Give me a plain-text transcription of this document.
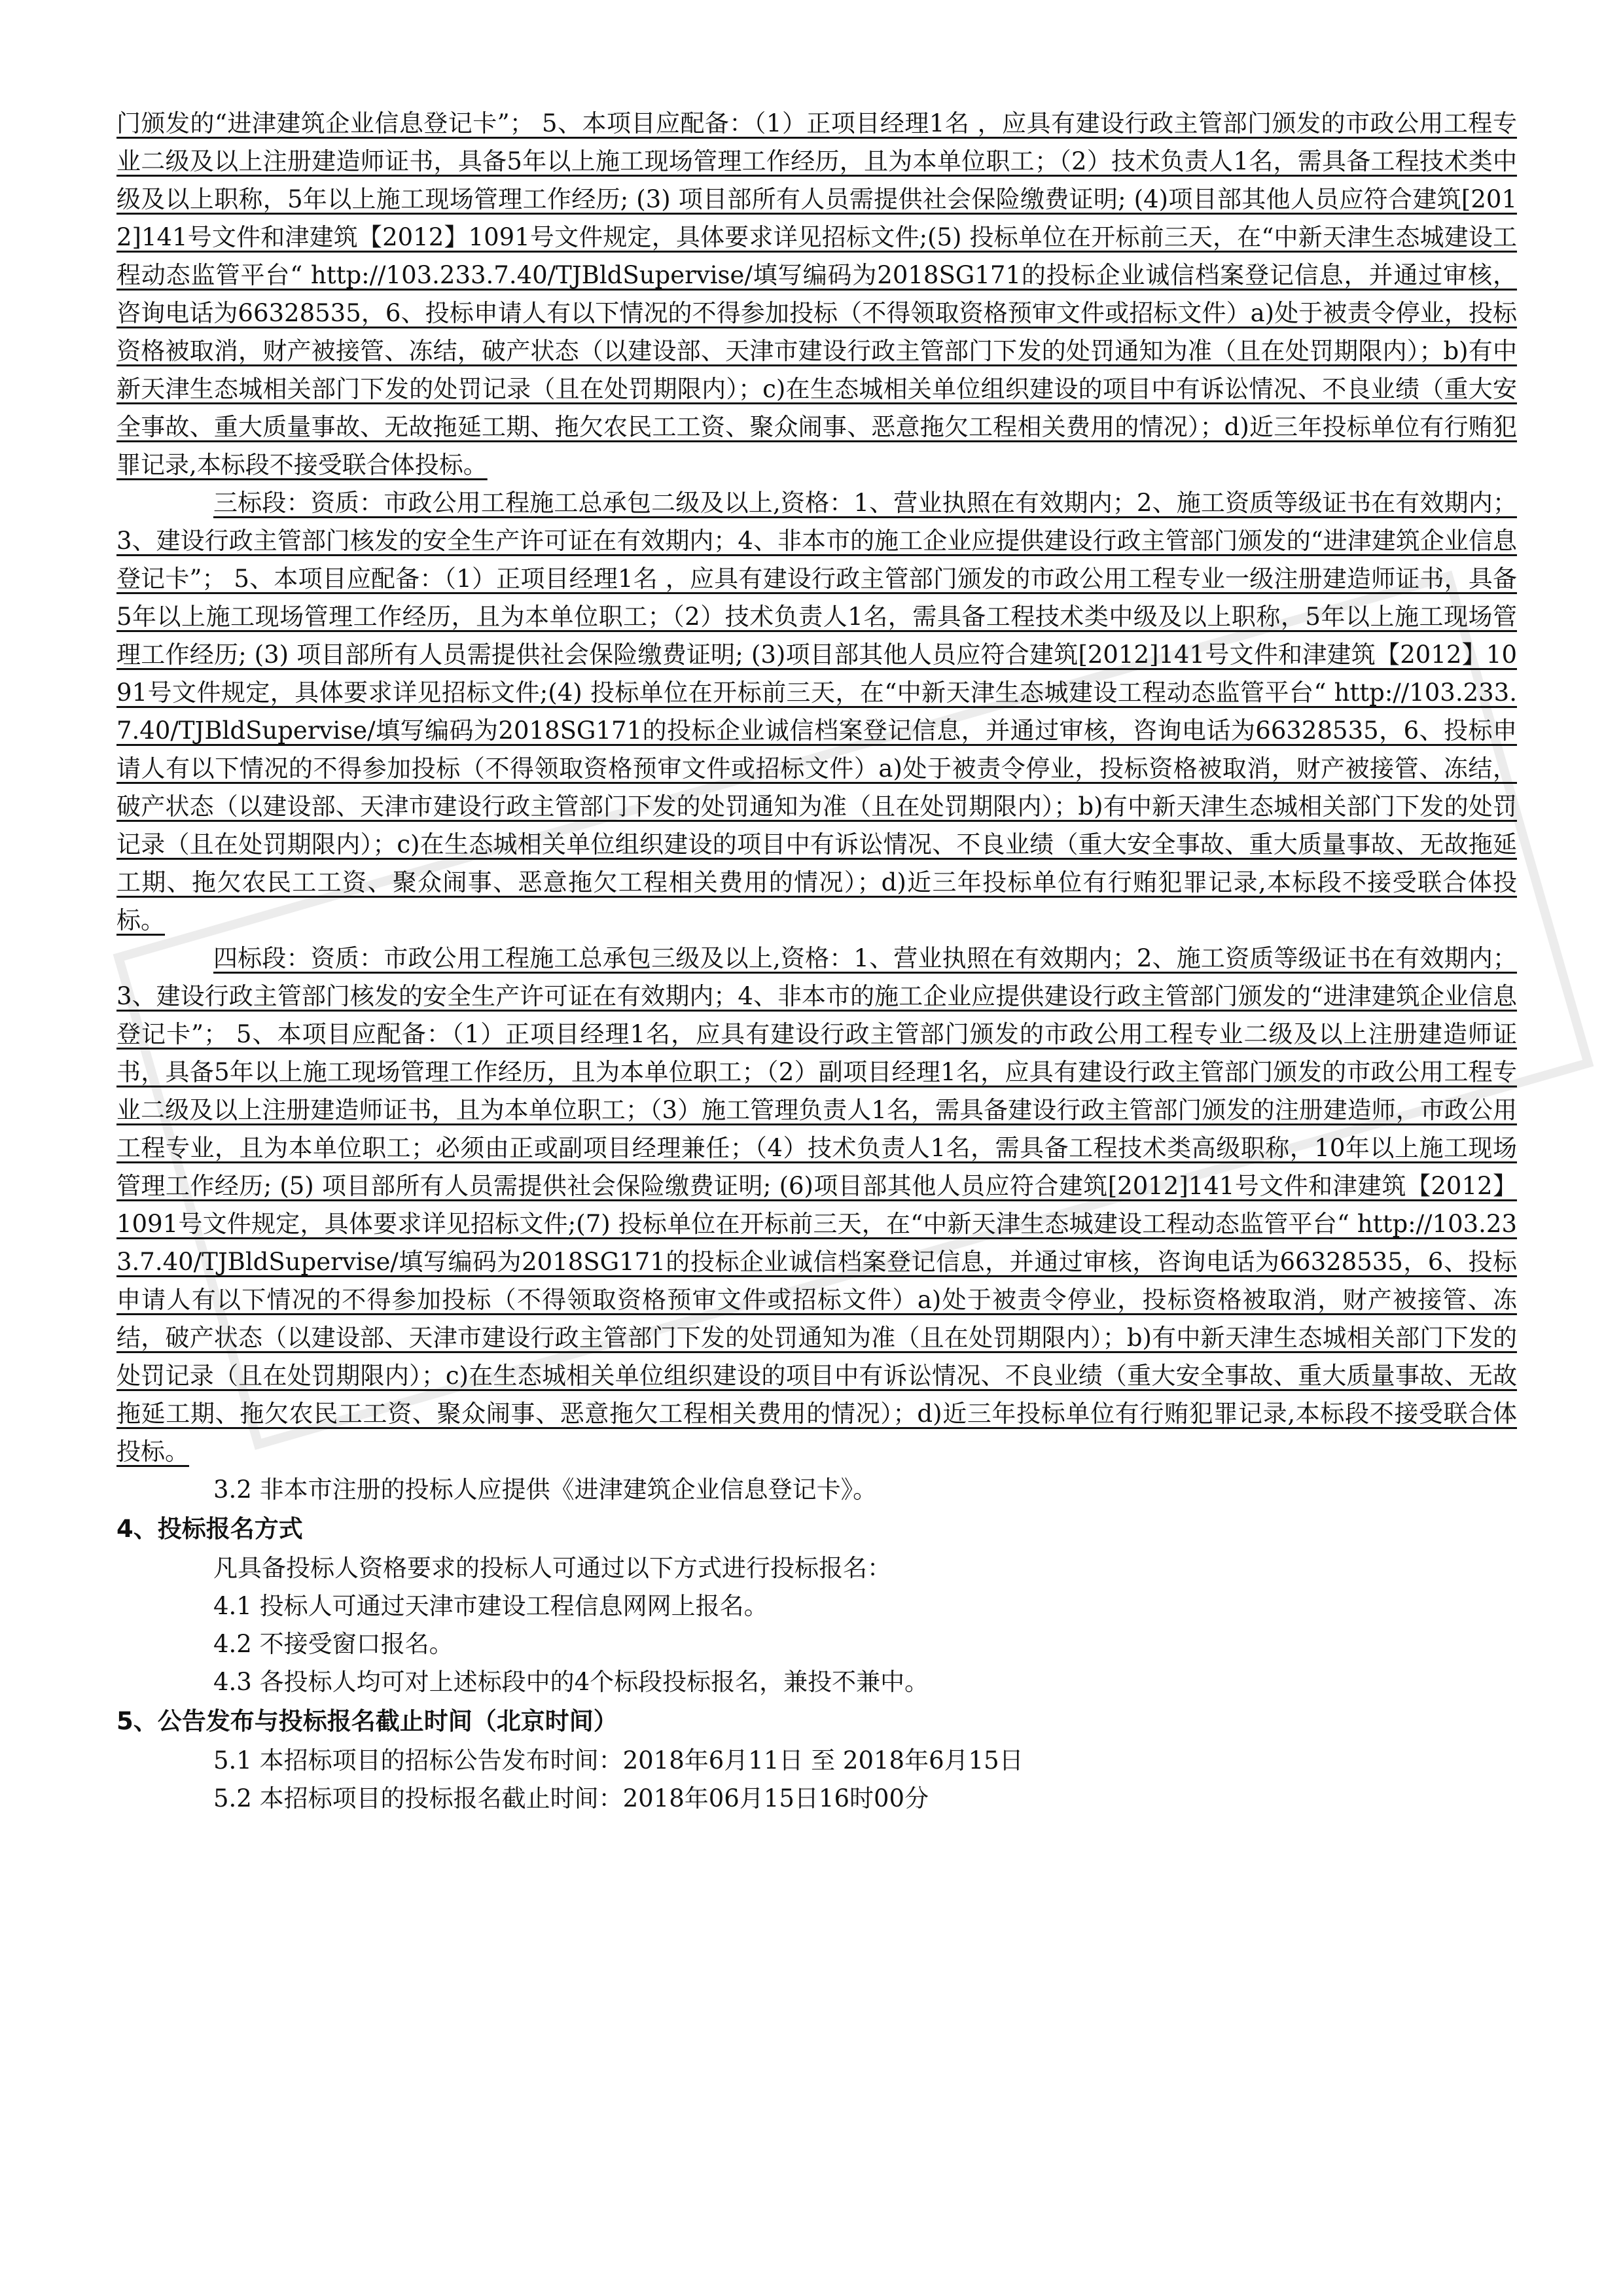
门颁发的“进津建筑企业信息登记卡”； 5、本项目应配备：（1）正项目经理1名 ，应具有建设行政主管部门颁发的市政公用工程专业二级及以上注册建造师证书，具备5年以上施工现场管理工作经历，且为本单位职工；（2）技术负责人1名，需具备工程技术类中级及以上职称，5年以上施工现场管理工作经历; (3) 项目部所有人员需提供社会保险缴费证明; (4)项目部其他人员应符合建筑[2012]141号文件和津建筑【2012】1091号文件规定，具体要求详见招标文件;(5) 投标单位在开标前三天，在“中新天津生态城建设工程动态监管平台“ http://103.233.7.40/TJBldSupervise/填写编码为2018SG171的投标企业诚信档案登记信息，并通过审核，咨询电话为66328535，6、投标申请人有以下情况的不得参加投标（不得领取资格预审文件或招标文件）a)处于被责令停业，投标资格被取消，财产被接管、冻结，破产状态（以建设部、天津市建设行政主管部门下发的处罚通知为准（且在处罚期限内）；b)有中新天津生态城相关部门下发的处罚记录（且在处罚期限内）；c)在生态城相关单位组织建设的项目中有诉讼情况、不良业绩（重大安全事故、重大质量事故、无故拖延工期、拖欠农民工工资、聚众闹事、恶意拖欠工程相关费用的情况）；d)近三年投标单位有行贿犯罪记录,本标段不接受联合体投标。

三标段：资质：市政公用工程施工总承包二级及以上,资格：1、营业执照在有效期内；2、施工资质等级证书在有效期内；3、建设行政主管部门核发的安全生产许可证在有效期内；4、非本市的施工企业应提供建设行政主管部门颁发的“进津建筑企业信息登记卡”； 5、本项目应配备：（1）正项目经理1名 ，应具有建设行政主管部门颁发的市政公用工程专业一级注册建造师证书，具备5年以上施工现场管理工作经历，且为本单位职工；（2）技术负责人1名，需具备工程技术类中级及以上职称，5年以上施工现场管理工作经历; (3) 项目部所有人员需提供社会保险缴费证明; (3)项目部其他人员应符合建筑[2012]141号文件和津建筑【2012】1091号文件规定，具体要求详见招标文件;(4) 投标单位在开标前三天，在“中新天津生态城建设工程动态监管平台“ http://103.233.7.40/TJBldSupervise/填写编码为2018SG171的投标企业诚信档案登记信息，并通过审核，咨询电话为66328535，6、投标申请人有以下情况的不得参加投标（不得领取资格预审文件或招标文件）a)处于被责令停业，投标资格被取消，财产被接管、冻结，破产状态（以建设部、天津市建设行政主管部门下发的处罚通知为准（且在处罚期限内）；b)有中新天津生态城相关部门下发的处罚记录（且在处罚期限内）；c)在生态城相关单位组织建设的项目中有诉讼情况、不良业绩（重大安全事故、重大质量事故、无故拖延工期、拖欠农民工工资、聚众闹事、恶意拖欠工程相关费用的情况）；d)近三年投标单位有行贿犯罪记录,本标段不接受联合体投标。

四标段：资质：市政公用工程施工总承包三级及以上,资格：1、营业执照在有效期内；2、施工资质等级证书在有效期内；3、建设行政主管部门核发的安全生产许可证在有效期内；4、非本市的施工企业应提供建设行政主管部门颁发的“进津建筑企业信息登记卡”； 5、本项目应配备：（1）正项目经理1名，应具有建设行政主管部门颁发的市政公用工程专业二级及以上注册建造师证书，具备5年以上施工现场管理工作经历，且为本单位职工；（2）副项目经理1名，应具有建设行政主管部门颁发的市政公用工程专业二级及以上注册建造师证书，且为本单位职工；（3）施工管理负责人1名，需具备建设行政主管部门颁发的注册建造师，市政公用工程专业，且为本单位职工；必须由正或副项目经理兼任；（4）技术负责人1名，需具备工程技术类高级职称，10年以上施工现场管理工作经历; (5) 项目部所有人员需提供社会保险缴费证明; (6)项目部其他人员应符合建筑[2012]141号文件和津建筑【2012】1091号文件规定，具体要求详见招标文件;(7) 投标单位在开标前三天，在“中新天津生态城建设工程动态监管平台“ http://103.233.7.40/TJBldSupervise/填写编码为2018SG171的投标企业诚信档案登记信息，并通过审核，咨询电话为66328535，6、投标申请人有以下情况的不得参加投标（不得领取资格预审文件或招标文件）a)处于被责令停业，投标资格被取消，财产被接管、冻结，破产状态（以建设部、天津市建设行政主管部门下发的处罚通知为准（且在处罚期限内）；b)有中新天津生态城相关部门下发的处罚记录（且在处罚期限内）；c)在生态城相关单位组织建设的项目中有诉讼情况、不良业绩（重大安全事故、重大质量事故、无故拖延工期、拖欠农民工工资、聚众闹事、恶意拖欠工程相关费用的情况）；d)近三年投标单位有行贿犯罪记录,本标段不接受联合体投标。

3.2 非本市注册的投标人应提供《进津建筑企业信息登记卡》。

4、投标报名方式

凡具备投标人资格要求的投标人可通过以下方式进行投标报名：

4.1 投标人可通过天津市建设工程信息网网上报名。

4.2 不接受窗口报名。

4.3 各投标人均可对上述标段中的4个标段投标报名，兼投不兼中。

5、公告发布与投标报名截止时间（北京时间）

5.1 本招标项目的招标公告发布时间：2018年6月11日 至 2018年6月15日

5.2 本招标项目的投标报名截止时间：2018年06月15日16时00分
